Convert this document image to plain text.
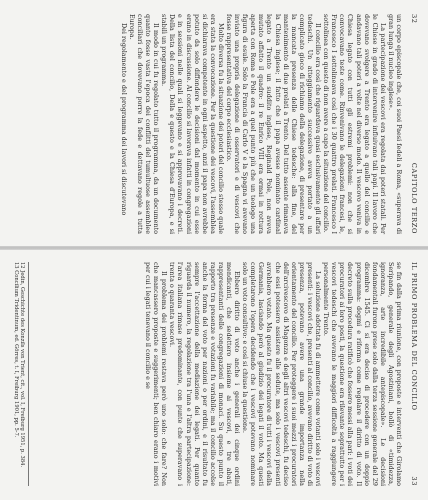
32
CAPITOLO TERZO

un corpo episcopale che, coi suoi Paesi fedeli a Roma, «superava di gran lunga il nucleo inglese».

La partecipazione dei vescovi era regolata dai poteri statali. Per le Chiese in grado di intervenire influivano tali papi. Il lavoro che dovevano svolgere a Trento era legato a quello del concilio e andavano tali poteri a volte nel diverso modo. Il vescovo veniva in Chiesa legato con tutti gli estremi problemi: non che si convocavano teste come. Rinvenivano le delegazioni francesi, le, Francesco I sottolineava così che i 30 quattro prelati. Francesco I sottolinea con questo di non avere a capo la situazione del concilio.

Il concilio era così che riguardava quasi esclusivamente gli affari tedeschi. Un atteggiamento successivo aveva portato a un complicato gioco di richiamo della delegazione, di presentare per la mancata presenza delle Chiese tedesche: alla fine, del mantenimento di due prelati a Trento. Del tutto assente rimaneva la Chiesa inglese; il fatto che il papa avesse nominato cardinal legato a Trento un suddito inglese, Reginald Pole, non aveva mutato affatto il quadro: il re Enrico VIII era ormai in rottura aperta con Roma e Pole era a quel punto più che un teologo una figura di esule. Solo la Francia di Carlo V e la Spagna vi avevano inviato una propria delegazione di osservatori e di vescovi che fosse rappresentativa del corpo ecclesiastico.

Molto diversa fu la situazione dei poteri del concilio stesso quale era stata la convocazione. Per la questione dei vescovi, l'assemblea si dichiarava competente in ogni aspetto, anzi il papa non avrebbe potuto da solo diffondere le decisioni dal momento in cui esse erano in discussione. Al concilio si lavorava infatti in congregazioni e in sessioni nelle quali si leggevano e si approvavano i decreti. Della lista del concilio, Della e questo e la Chiesa d'Europa, e si stabilì un programma.

Il modo in cui fu regolato tutto il programma, da un documento quanto fosse vasta l'epoca dei conflitti del tumultuose assemblee conciliari che dovevano porre la fede e dettavano regole a tutta Europa.

Dei regolamento e del programma dei lavori si discutevano

IL PRIMO PROBLEMA DEL CONCILIO
33

se fin dalla prima riunione, con proposte e interventi che Girolamo Seripando, generale degli Agostiniani, bollò di «timidezza, ignoranza, arte incredibile antepiscopale». Le decisioni fondamentali furono prese solo dalla terza sessione generale del 29 dicembre 1545. Ci si era deciso di procedere con un doppio programma: dogmi e riforma come regolare il diritto di voto. Il decreto sulla procedura ratificò che fossero messi alla pari: i voti dei procuratori ai loro posti, la questione era rilevante soprattutto per i vescovi tedeschi che avevano le maggiori difficoltà a raggiungere personalmente Trento.

La soluzione adottata fu di ammettere come votanti solo i vescovi presenti: i vescovi che, presenti al concilio, avevano diritto di voto di presenza, potevano avere una grande importanza nella orientamento del concilio. Per proteggere i suoi mezzi i procuratori dell'arcivescovo di Magonza e degli altri vescovi tedeschi, fu deciso che essi potessero assistere alle sedute, ma solo i vescovi presenti avrebbero votato. Ma questo fu il procuratore di tutti i vescovi della Germania, lasciando però al giudizio dei legati il voto. Ma questi completarono l'opera decidendo che i vescovi potevano nominare solo un voto consultivo: e così si chiuse la questione.

Ebbero diritto di voto anche i generali dei cinque ordini mendicanti, che sedettero insieme ai vescovi, e tre abati, rappresentanti delle congregazioni di monaci. Su questo punto il rapporto tra presenze e votazioni fu variabile; ma il concilio accolse anche la forma del voto per nazioni o per ordini, e il risultato fu sempre l'accettazione della mediazione dei legati. Per quanto riguarda il numero, la regolazione tra l'una e l'altra partecipazione: l'area italiana rimase predominante, con punte che superavano i trenta o quaranta vescovi.

Il problema dei problemi restava però uno solo: che fare? Non che mancassero proposte e suggerimenti; ben chiaro erano i motivi per cui i legati tenevano il concilio e se

12 Jedin, Geschichte des Konzils von Trient, cit., vol. I, Freiburg 1951, p. 384.

13 Concilium Tridentinum, ed. Görres, t. I, Freiburg 1901, pp. 5-7.
